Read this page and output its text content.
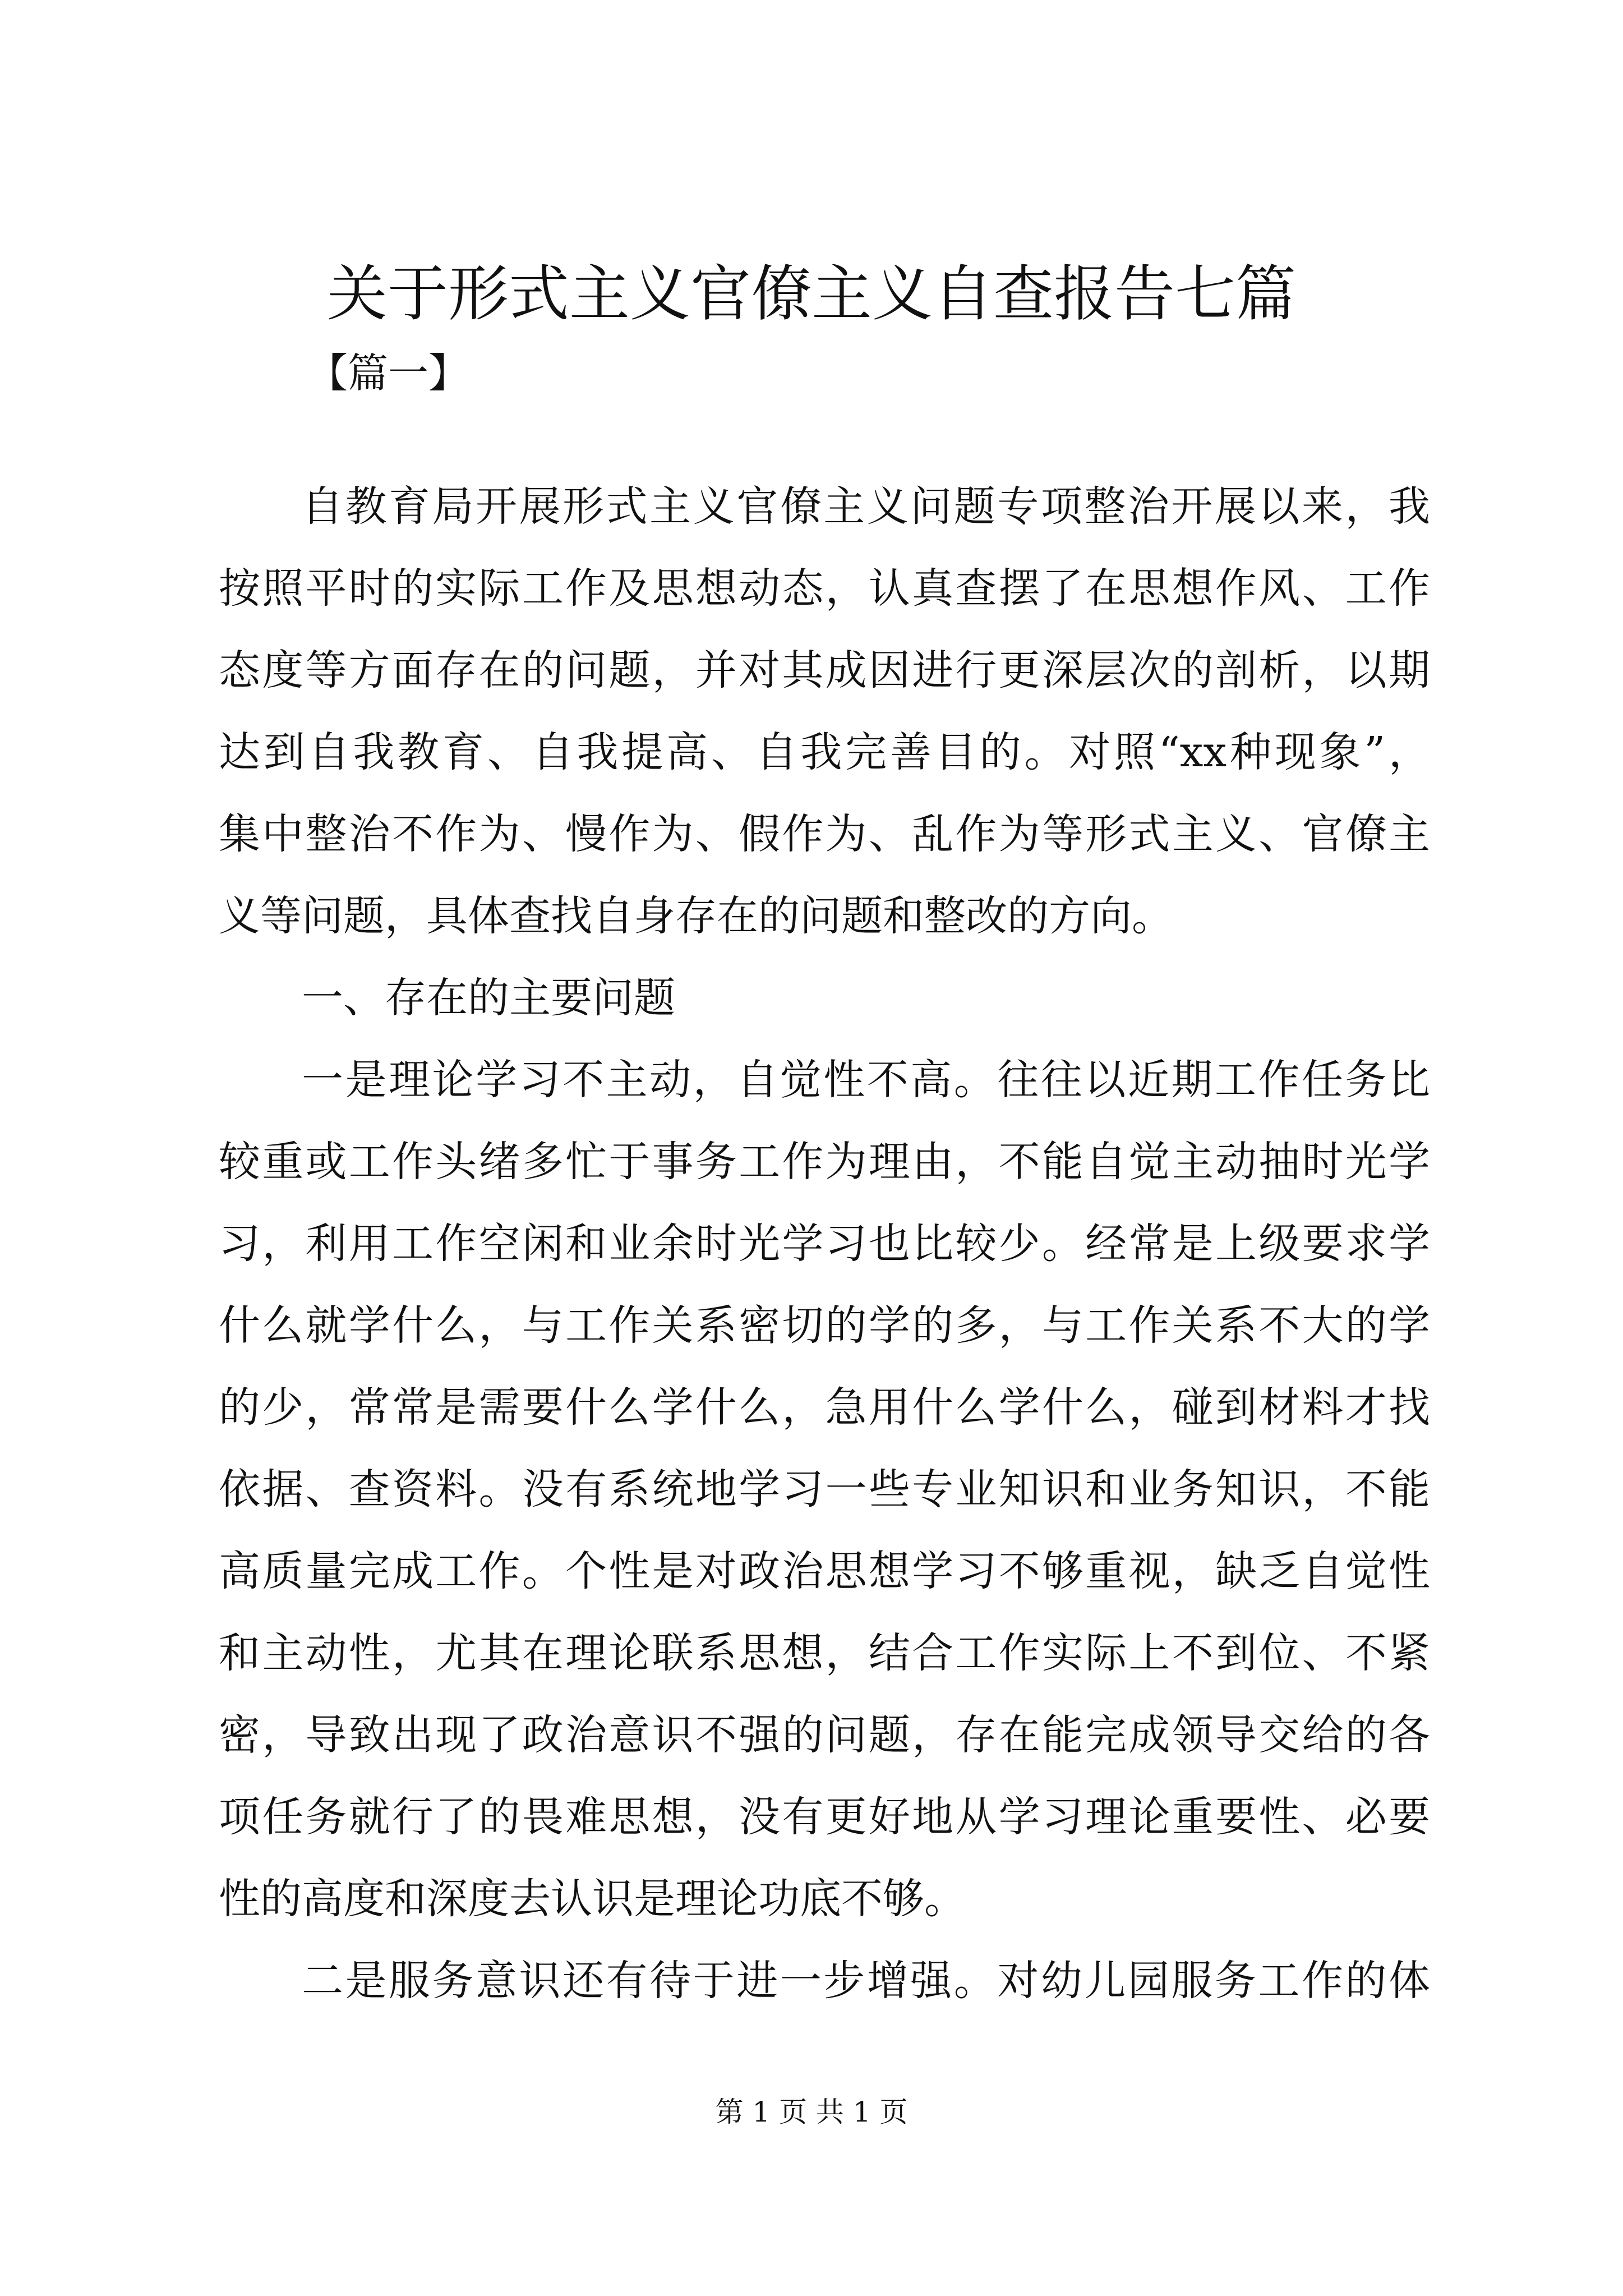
关于形式主义官僚主义自查报告七篇
【篇一】
自教育局开展形式主义官僚主义问题专项整治开展以来，我
按照平时的实际工作及思想动态，认真查摆了在思想作风、工作
态度等方面存在的问题，并对其成因进行更深层次的剖析，以期
达到自我教育、自我提高、自我完善目的。对照“xx种现象”，
集中整治不作为、慢作为、假作为、乱作为等形式主义、官僚主
义等问题，具体查找自身存在的问题和整改的方向。
一、存在的主要问题
一是理论学习不主动，自觉性不高。往往以近期工作任务比
较重或工作头绪多忙于事务工作为理由，不能自觉主动抽时光学
习，利用工作空闲和业余时光学习也比较少。经常是上级要求学
什么就学什么，与工作关系密切的学的多，与工作关系不大的学
的少，常常是需要什么学什么，急用什么学什么，碰到材料才找
依据、查资料。没有系统地学习一些专业知识和业务知识，不能
高质量完成工作。个性是对政治思想学习不够重视，缺乏自觉性
和主动性，尤其在理论联系思想，结合工作实际上不到位、不紧
密，导致出现了政治意识不强的问题，存在能完成领导交给的各
项任务就行了的畏难思想，没有更好地从学习理论重要性、必要
性的高度和深度去认识是理论功底不够。
二是服务意识还有待于进一步增强。对幼儿园服务工作的体
第 1 页 共 1 页
